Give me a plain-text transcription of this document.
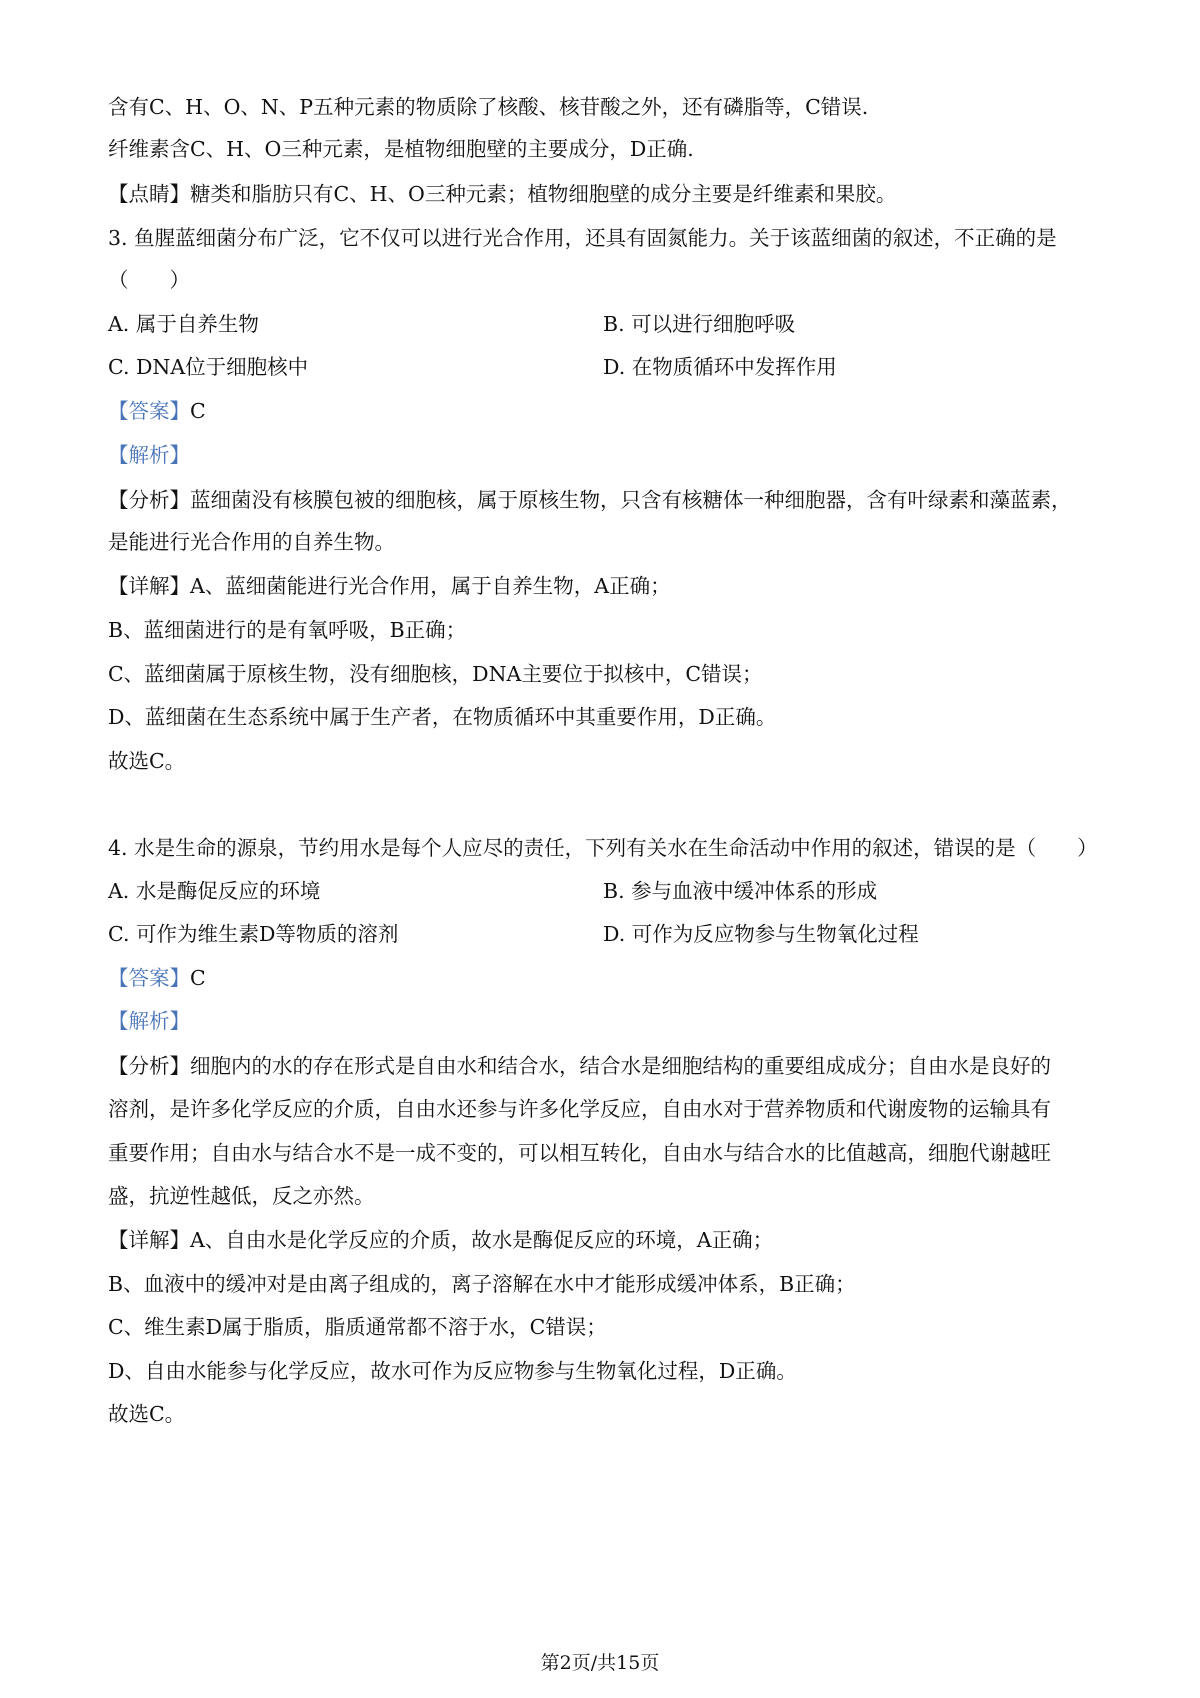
含有C、H、O、N、P五种元素的物质除了核酸、核苷酸之外，还有磷脂等，C错误.
纤维素含C、H、O三种元素，是植物细胞壁的主要成分，D正确.
【点睛】糖类和脂肪只有C、H、O三种元素；植物细胞壁的成分主要是纤维素和果胶。
3. 鱼腥蓝细菌分布广泛，它不仅可以进行光合作用，还具有固氮能力。关于该蓝细菌的叙述，不正确的是
（　　）
A. 属于自养生物	B. 可以进行细胞呼吸
C. DNA位于细胞核中	D. 在物质循环中发挥作用
【答案】C
【解析】
【分析】蓝细菌没有核膜包被的细胞核，属于原核生物，只含有核糖体一种细胞器，含有叶绿素和藻蓝素，
是能进行光合作用的自养生物。
【详解】A、蓝细菌能进行光合作用，属于自养生物，A正确；
B、蓝细菌进行的是有氧呼吸，B正确；
C、蓝细菌属于原核生物，没有细胞核，DNA主要位于拟核中，C错误；
D、蓝细菌在生态系统中属于生产者，在物质循环中其重要作用，D正确。
故选C。
4. 水是生命的源泉，节约用水是每个人应尽的责任，下列有关水在生命活动中作用的叙述，错误的是（　　）
A. 水是酶促反应的环境	B. 参与血液中缓冲体系的形成
C. 可作为维生素D等物质的溶剂	D. 可作为反应物参与生物氧化过程
【答案】C
【解析】
【分析】细胞内的水的存在形式是自由水和结合水，结合水是细胞结构的重要组成成分；自由水是良好的
溶剂，是许多化学反应的介质，自由水还参与许多化学反应，自由水对于营养物质和代谢废物的运输具有
重要作用；自由水与结合水不是一成不变的，可以相互转化，自由水与结合水的比值越高，细胞代谢越旺
盛，抗逆性越低，反之亦然。
【详解】A、自由水是化学反应的介质，故水是酶促反应的环境，A正确；
B、血液中的缓冲对是由离子组成的，离子溶解在水中才能形成缓冲体系，B正确；
C、维生素D属于脂质，脂质通常都不溶于水，C错误；
D、自由水能参与化学反应，故水可作为反应物参与生物氧化过程，D正确。
故选C。
第2页/共15页
